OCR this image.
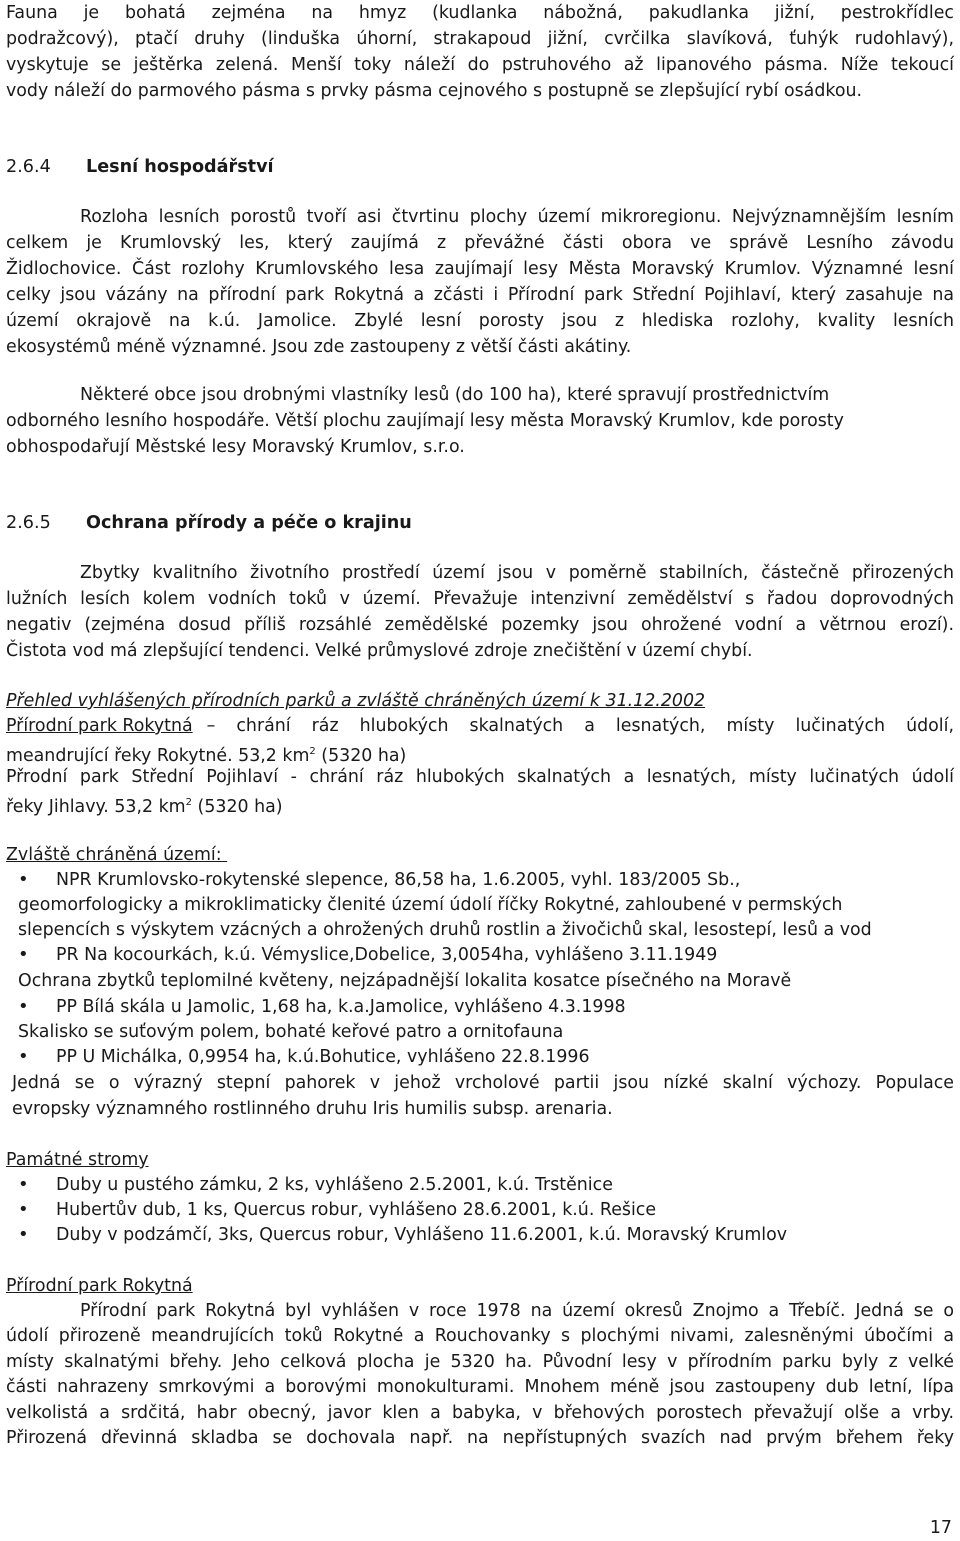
Fauna je bohatá zejména na hmyz (kudlanka nábožná, pakudlanka jižní, pestrokřídlec
podražcový), ptačí druhy (linduška úhorní, strakapoud jižní, cvrčilka slavíková, ťuhýk rudohlavý),
vyskytuje se ještěrka zelená. Menší toky náleží do pstruhového až lipanového pásma. Níže tekoucí
vody náleží do parmového pásma s prvky pásma cejnového s postupně se zlepšující rybí osádkou.
2.6.4 Lesní hospodářství
Rozloha lesních porostů tvoří asi čtvrtinu plochy území mikroregionu. Nejvýznamnějším lesním
celkem je Krumlovský les, který zaujímá z převážné části obora ve správě Lesního závodu
Židlochovice. Část rozlohy Krumlovského lesa zaujímají lesy Města Moravský Krumlov. Významné lesní
celky jsou vázány na přírodní park Rokytná a zčásti i Přírodní park Střední Pojihlaví, který zasahuje na
území okrajově na k.ú. Jamolice. Zbylé lesní porosty jsou z hlediska rozlohy, kvality lesních
ekosystémů méně významné. Jsou zde zastoupeny z větší části akátiny.
Některé obce jsou drobnými vlastníky lesů (do 100 ha), které spravují prostřednictvím
odborného lesního hospodáře. Větší plochu zaujímají lesy města Moravský Krumlov, kde porosty
obhospodařují Městské lesy Moravský Krumlov, s.r.o.
2.6.5 Ochrana přírody a péče o krajinu
Zbytky kvalitního životního prostředí území jsou v poměrně stabilních, částečně přirozených
lužních lesích kolem vodních toků v území. Převažuje intenzivní zemědělství s řadou doprovodných
negativ (zejména dosud příliš rozsáhlé zemědělské pozemky jsou ohrožené vodní a větrnou erozí).
Čistota vod má zlepšující tendenci. Velké průmyslové zdroje znečištění v území chybí.
Přehled vyhlášených přírodních parků a zvláště chráněných území k 31.12.2002
Přírodní park Rokytná – chrání ráz hlubokých skalnatých a lesnatých, místy lučinatých údolí,
meandrující řeky Rokytné. 53,2 $km^2$ (5320 ha)
Přrodní park Střední Pojihlaví - chrání ráz hlubokých skalnatých a lesnatých, místy lučinatých údolí
řeky Jihlavy. 53,2 $km^2$ (5320 ha)
Zvláště chráněná území:
•
NPR Krumlovsko-rokytenské slepence, 86,58 ha, 1.6.2005, vyhl. 183/2005 Sb.,
geomorfologicky a mikroklimaticky členité území údolí říčky Rokytné, zahloubené v permských
slepencích s výskytem vzácných a ohrožených druhů rostlin a živočichů skal, lesostepí, lesů a vod
•
PR Na kocourkách, k.ú. Vémyslice,Dobelice, 3,0054ha, vyhlášeno 3.11.1949
Ochrana zbytků teplomilné květeny, nejzápadnější lokalita kosatce písečného na Moravě
•
PP Bílá skála u Jamolic, 1,68 ha, k.a.Jamolice, vyhlášeno 4.3.1998
Skalisko se suťovým polem, bohaté keřové patro a ornitofauna
•
PP U Michálka, 0,9954 ha, k.ú.Bohutice, vyhlášeno 22.8.1996
Jedná se o výrazný stepní pahorek v jehož vrcholové partii jsou nízké skalní výchozy. Populace
evropsky významného rostlinného druhu Iris humilis subsp. arenaria.
Památné stromy
•
Duby u pustého zámku, 2 ks, vyhlášeno 2.5.2001, k.ú. Trstěnice
•
Hubertův dub, 1 ks, Quercus robur, vyhlášeno 28.6.2001, k.ú. Rešice
•
Duby v podzámčí, 3ks, Quercus robur, Vyhlášeno 11.6.2001, k.ú. Moravský Krumlov
Přírodní park Rokytná
Přírodní park Rokytná byl vyhlášen v roce 1978 na území okresů Znojmo a Třebíč. Jedná se o
údolí přirozeně meandrujících toků Rokytné a Rouchovanky s plochými nivami, zalesněnými úbočími a
místy skalnatými břehy. Jeho celková plocha je 5320 ha. Původní lesy v přírodním parku byly z velké
části nahrazeny smrkovými a borovými monokulturami. Mnohem méně jsou zastoupeny dub letní, lípa
velkolistá a srdčitá, habr obecný, javor klen a babyka, v břehových porostech převažují olše a vrby.
Přirozená dřevinná skladba se dochovala např. na nepřístupných svazích nad prvým břehem řeky
17
